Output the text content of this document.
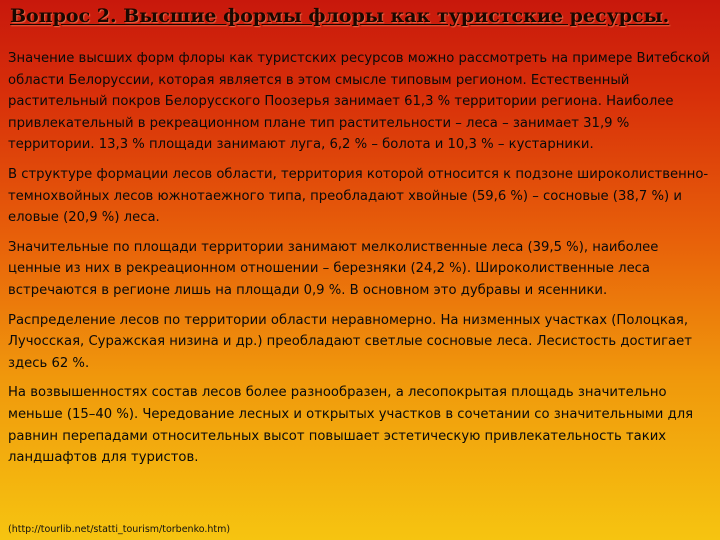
Вопрос 2. Высшие формы флоры как туристские ресурсы.

Значение высших форм флоры как туристских ресурсов можно рассмотреть на примере Витебской области Белоруссии, которая является в этом смысле типовым регионом. Естественный растительный покров Белорусского Поозерья занимает 61,3 % территории региона. Наиболее привлекательный в рекреационном плане тип растительности – леса – занимает 31,9 % территории. 13,3 % площади занимают луга, 6,2 % – болота и 10,3 % – кустарники.

В структуре формации лесов области, территория которой относится к подзоне широколиственно-темнохвойных лесов южнотаежного типа, преобладают хвойные (59,6 %) – сосновые (38,7 %) и еловые (20,9 %) леса.

Значительные по площади территории занимают мелколиственные леса (39,5 %), наиболее ценные из них в рекреационном отношении – березняки (24,2 %). Широколиственные леса встречаются в регионе лишь на площади 0,9 %. В основном это дубравы и ясенники.

Распределение лесов по территории области неравномерно. На низменных участках (Полоцкая, Лучосская, Суражская низина и др.) преобладают светлые сосновые леса. Лесистость достигает здесь 62 %.

На возвышенностях состав лесов более разнообразен, а лесопокрытая площадь значительно меньше (15–40 %). Чередование лесных и открытых участков в сочетании со значительными для равнин перепадами относительных высот повышает эстетическую привлекательность таких ландшафтов для туристов.

(http://tourlib.net/statti_tourism/torbenko.htm)
